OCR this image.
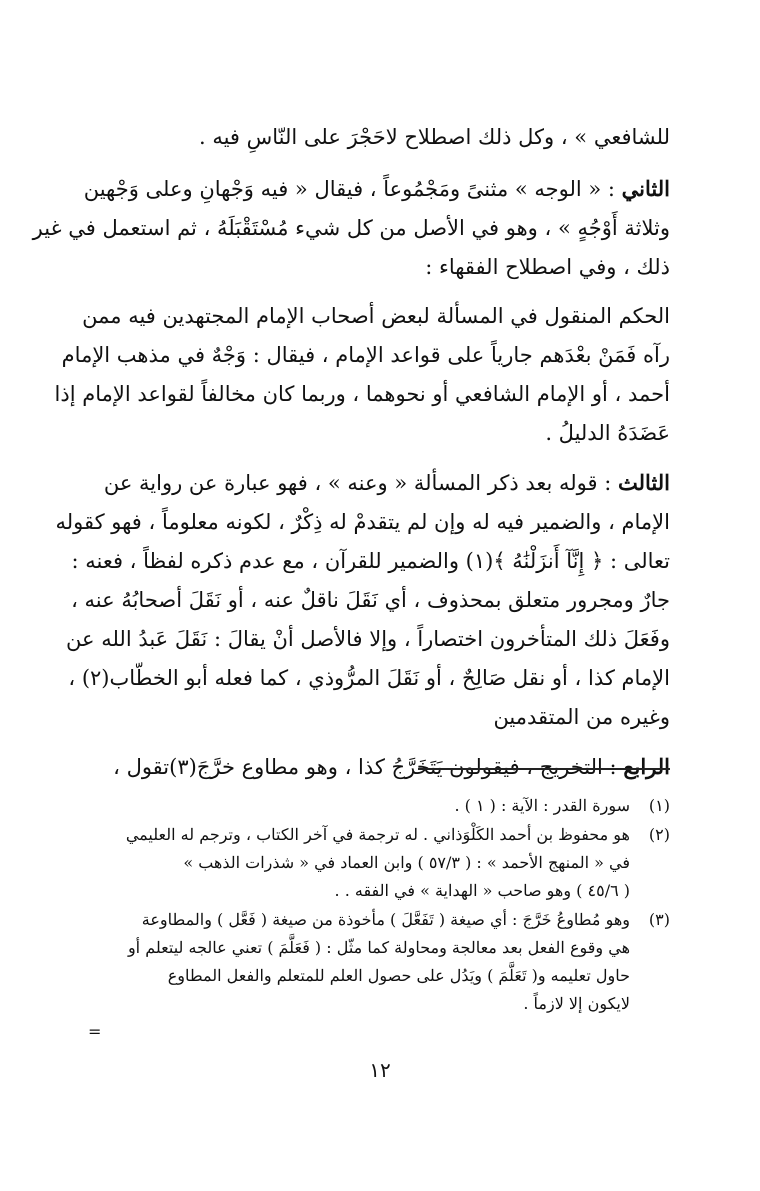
للشافعي » ، وكل ذلك اصطلاح لاحَجْرَ على النّاسِ فيه .

الثاني : « الوجه » مثنىً ومَجْمُوعاً ، فيقال « فيه وَجْهانِ وعلى وَجْهين
وثلاثة أَوْجُهٍ » ، وهو في الأصل من كل شيء مُسْتَقْبَلَهُ ، ثم استعمل في غير
ذلك ، وفي اصطلاح الفقهاء :

الحكم المنقول في المسألة لبعض أصحاب الإمام المجتهدين فيه ممن
رآه فَمَنْ بعْدَهم جارياً على قواعد الإمام ، فيقال : وَجْهٌ في مذهب الإمام
أحمد ، أو الإمام الشافعي أو نحوهما ، وربما كان مخالفاً لقواعد الإمام إذا
عَضَدَهُ الدليلُ .

الثالث : قوله بعد ذكر المسألة « وعنه » ، فهو عبارة عن رواية عن
الإمام ، والضمير فيه له وإن لم يتقدمْ له ذِكْرٌ ، لكونه معلوماً ، فهو كقوله
تعالى : ﴿ إِنَّآ أَنزَلْنَٰهُ ﴾(١) والضمير للقرآن ، مع عدم ذكره لفظاً ، فعنه :
جارٌ ومجرور متعلق بمحذوف ، أي نَقَلَ ناقلٌ عنه ، أو نَقَلَ أصحابُهُ عنه ،
وفَعَلَ ذلك المتأخرون اختصاراً ، وإلا فالأصل أنْ يقالَ : نَقَلَ عَبدُ الله عن
الإمام كذا ، أو نقل صَالِحٌ ، أو نَقَلَ المرُّوذي ، كما فعله أبو الخطّاب(٢) ،
وغيره من المتقدمين

الرابع : التخريج ، فيقولون يَتَخَرَّجُ كذا ، وهو مطاوع خرَّجَ(٣)تقول ،

(١)
سورة القدر : الآية : ( ١ ) .
(٢)
هو محفوظ بن أحمد الكَلْوَذاني . له ترجمة في آخر الكتاب ، وترجم له العليمي
في « المنهج الأحمد » : ( ٥٧/٣ ) وابن العماد في « شذرات الذهب »
( ٤٥/٦ ) وهو صاحب « الهداية » في الفقه . .
(٣)
وهو مُطاوعُ خَرَّجَ : أي صيغة ( تَفَعَّلَ ) مأخوذة من صيغة ( فَعَّل ) والمطاوعة
هي وقوع الفعل بعد معالجة ومحاولة كما مثّل : ( فَعَلَّمَ ) تعني عالجه ليتعلم أو
حاول تعليمه و( تَعَلَّمَ ) ويَدُل على حصول العلم للمتعلم والفعل المطاوع
لايكون إلا لازماً .
=
١٢
